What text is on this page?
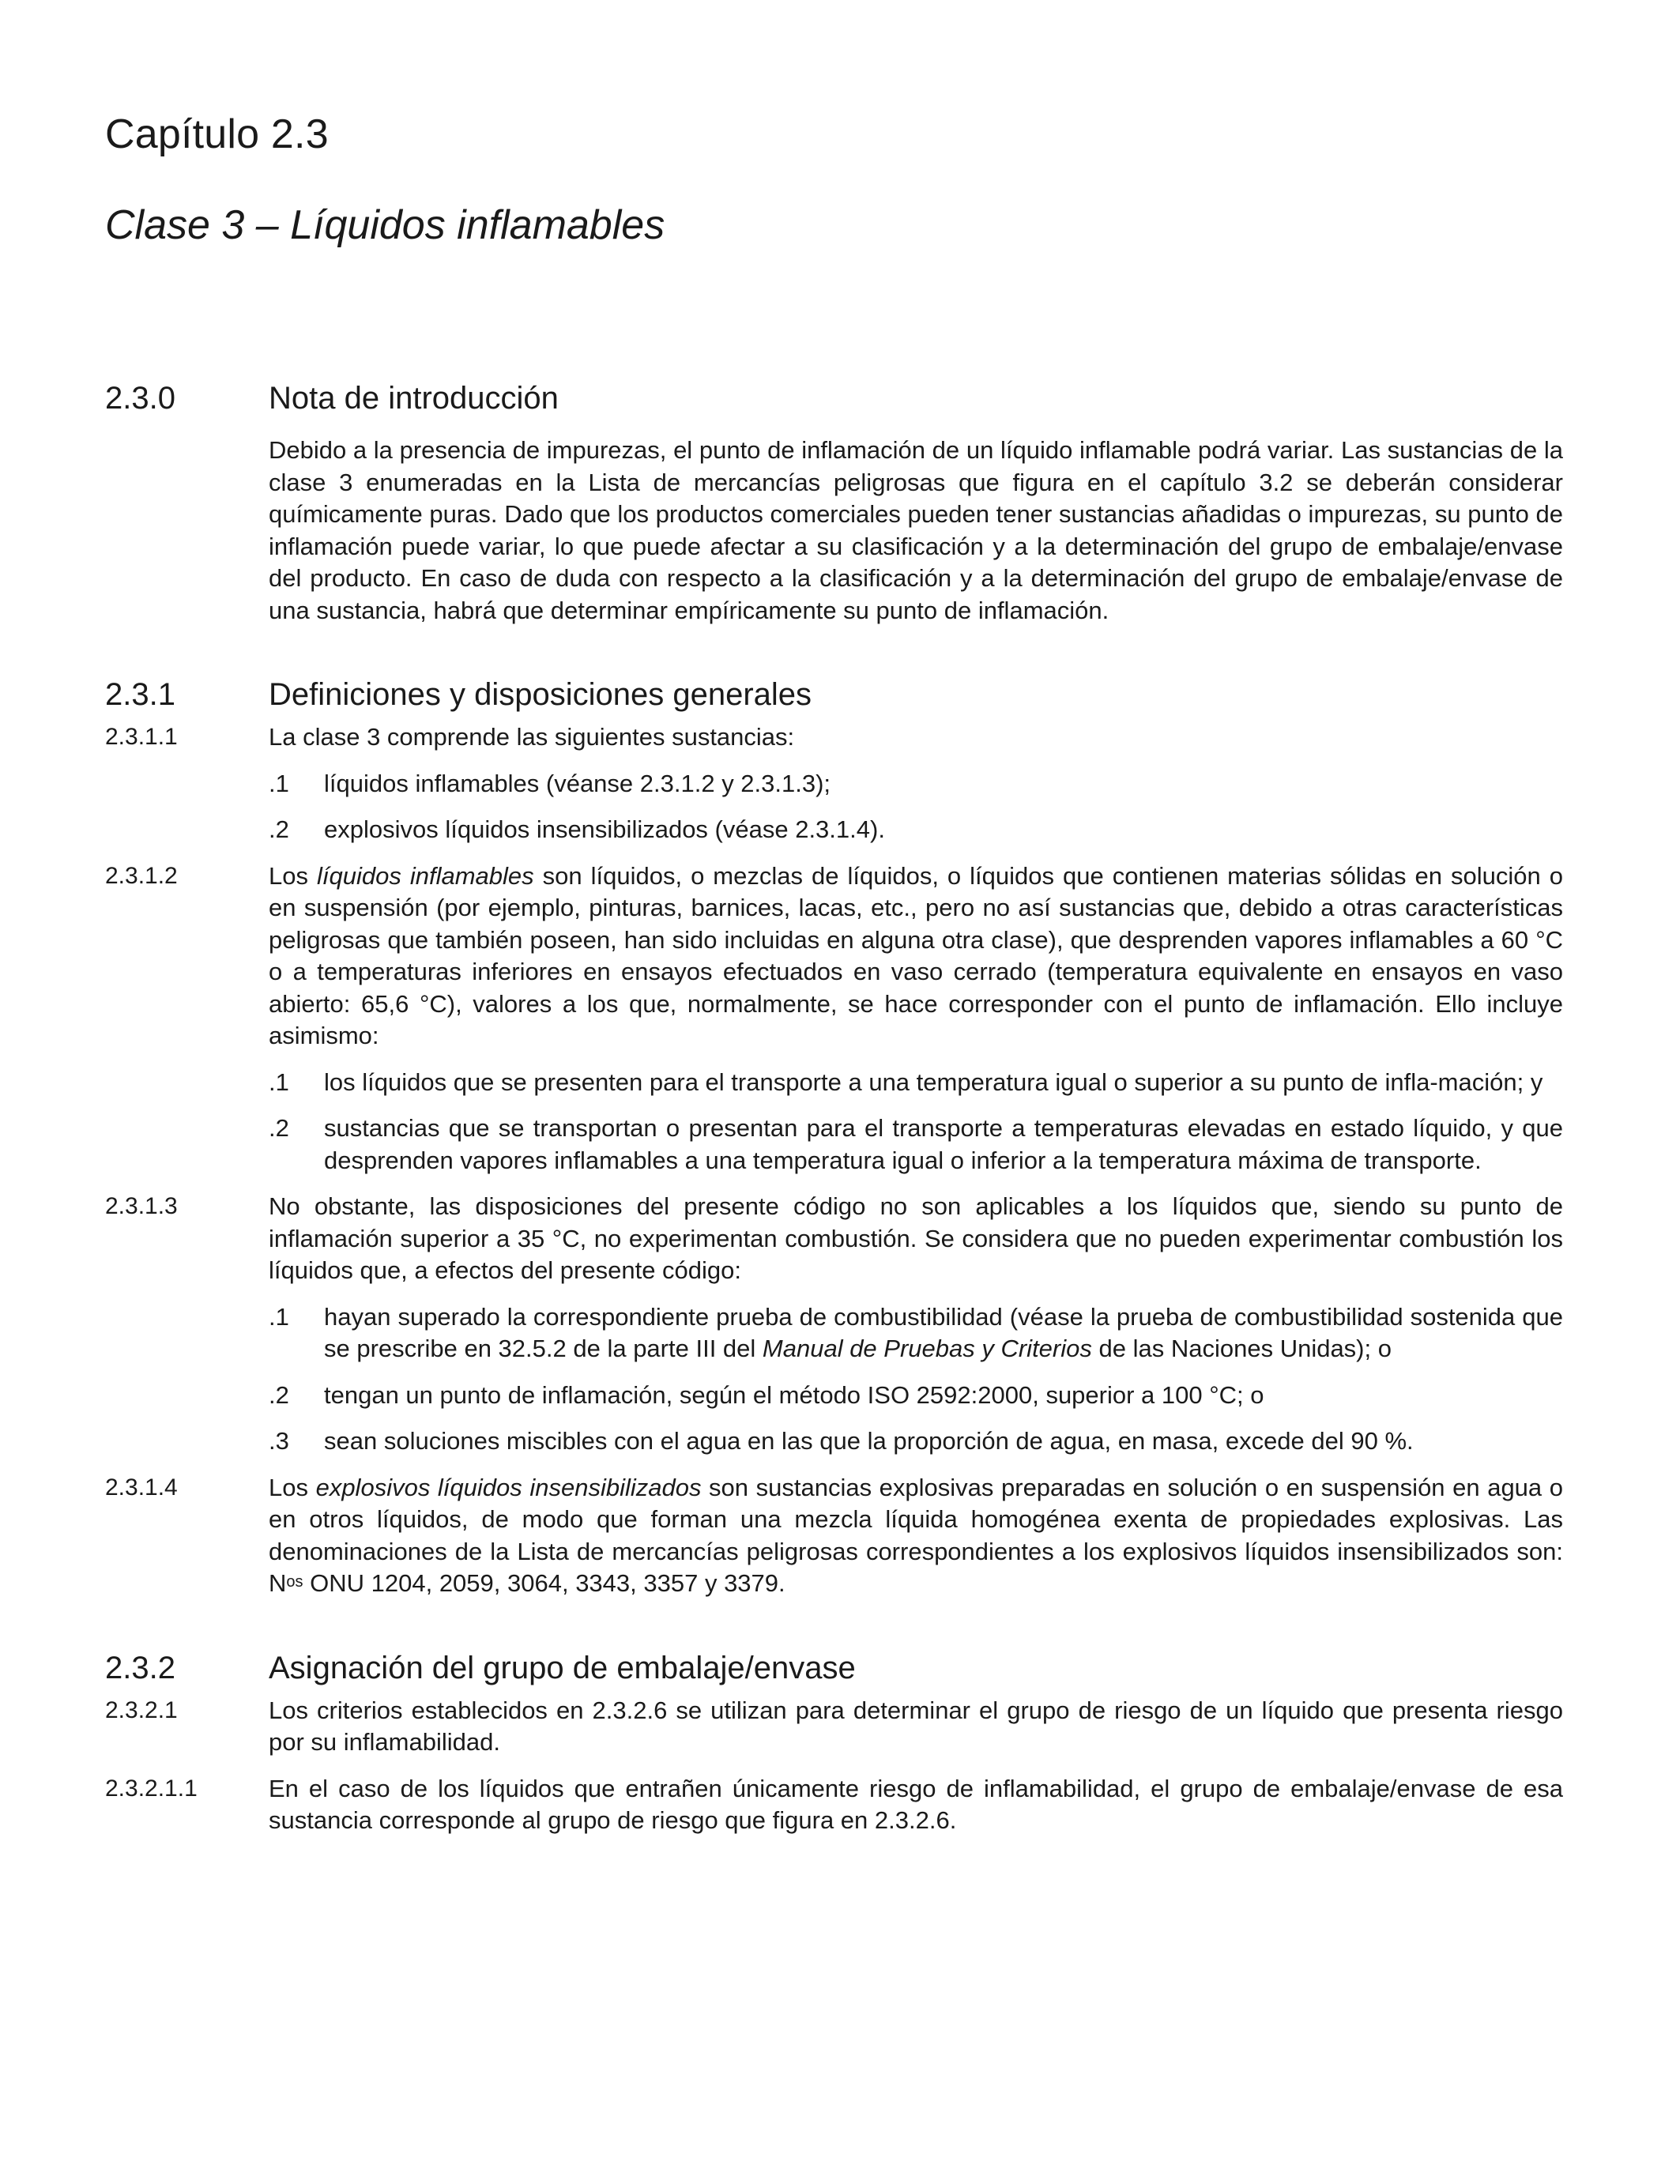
Capítulo 2.3
Clase 3 – Líquidos inflamables
2.3.0	Nota de introducción
Debido a la presencia de impurezas, el punto de inflamación de un líquido inflamable podrá variar. Las sustancias de la clase 3 enumeradas en la Lista de mercancías peligrosas que figura en el capítulo 3.2 se deberán considerar químicamente puras. Dado que los productos comerciales pueden tener sustancias añadidas o impurezas, su punto de inflamación puede variar, lo que puede afectar a su clasificación y a la determinación del grupo de embalaje/envase del producto. En caso de duda con respecto a la clasificación y a la determinación del grupo de embalaje/envase de una sustancia, habrá que determinar empíricamente su punto de inflamación.
2.3.1	Definiciones y disposiciones generales
2.3.1.1	La clase 3 comprende las siguientes sustancias:
.1	líquidos inflamables (véanse 2.3.1.2 y 2.3.1.3);
.2	explosivos líquidos insensibilizados (véase 2.3.1.4).
2.3.1.2	Los líquidos inflamables son líquidos, o mezclas de líquidos, o líquidos que contienen materias sólidas en solución o en suspensión (por ejemplo, pinturas, barnices, lacas, etc., pero no así sustancias que, debido a otras características peligrosas que también poseen, han sido incluidas en alguna otra clase), que desprenden vapores inflamables a 60 °C o a temperaturas inferiores en ensayos efectuados en vaso cerrado (temperatura equivalente en ensayos en vaso abierto: 65,6 °C), valores a los que, normalmente, se hace corresponder con el punto de inflamación. Ello incluye asimismo:
.1	los líquidos que se presenten para el transporte a una temperatura igual o superior a su punto de infla-mación; y
.2	sustancias que se transportan o presentan para el transporte a temperaturas elevadas en estado líquido, y que desprenden vapores inflamables a una temperatura igual o inferior a la temperatura máxima de transporte.
2.3.1.3	No obstante, las disposiciones del presente código no son aplicables a los líquidos que, siendo su punto de inflamación superior a 35 °C, no experimentan combustión. Se considera que no pueden experimentar combustión los líquidos que, a efectos del presente código:
.1	hayan superado la correspondiente prueba de combustibilidad (véase la prueba de combustibilidad sostenida que se prescribe en 32.5.2 de la parte III del Manual de Pruebas y Criterios de las Naciones Unidas); o
.2	tengan un punto de inflamación, según el método ISO 2592:2000, superior a 100 °C; o
.3	sean soluciones miscibles con el agua en las que la proporción de agua, en masa, excede del 90 %.
2.3.1.4	Los explosivos líquidos insensibilizados son sustancias explosivas preparadas en solución o en suspensión en agua o en otros líquidos, de modo que forman una mezcla líquida homogénea exenta de propiedades explosivas. Las denominaciones de la Lista de mercancías peligrosas correspondientes a los explosivos líquidos insensibilizados son: $N^{os}$ ONU 1204, 2059, 3064, 3343, 3357 y 3379.
2.3.2	Asignación del grupo de embalaje/envase
2.3.2.1	Los criterios establecidos en 2.3.2.6 se utilizan para determinar el grupo de riesgo de un líquido que presenta riesgo por su inflamabilidad.
2.3.2.1.1	En el caso de los líquidos que entrañen únicamente riesgo de inflamabilidad, el grupo de embalaje/envase de esa sustancia corresponde al grupo de riesgo que figura en 2.3.2.6.
